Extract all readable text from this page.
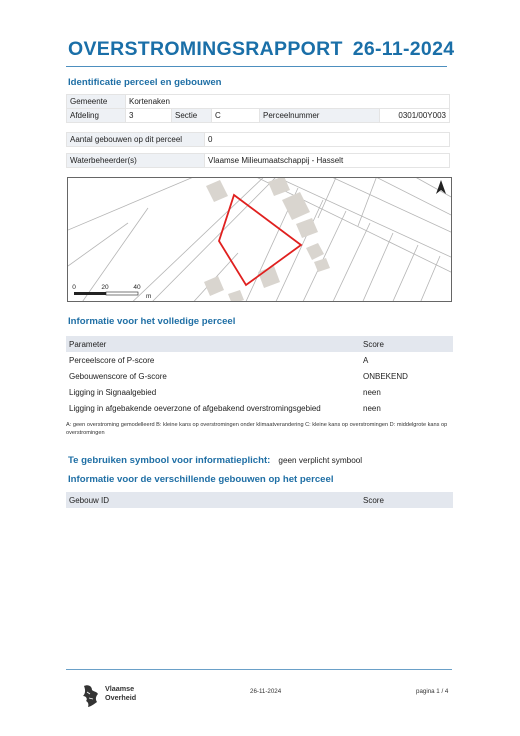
OVERSTROMINGSRAPPORT 26-11-2024
Identificatie perceel en gebouwen
Gemeente	Kortenaken				
Afdeling	3	Sectie	C	Perceelnummer	0301/00Y003
Aantal gebouwen op dit perceel	0
Waterbeheerder(s)	Vlaamse Milieumaatschappij - Hasselt
0	20	40
m
Informatie voor het volledige perceel
Parameter	Score
Perceelscore of P-score	A
Gebouwenscore of G-score	ONBEKEND
Ligging in Signaalgebied	neen
Ligging in afgebakende oeverzone of afgebakend overstromingsgebied	neen
A: geen overstroming gemodelleerd B: kleine kans op overstromingen onder klimaatverandering C: kleine kans op overstromingen D: middelgrote kans op overstromingen
Te gebruiken symbool voor informatieplicht: geen verplicht symbool
Informatie voor de verschillende gebouwen op het perceel
Gebouw ID	Score
Vlaamse
Overheid
26-11-2024	pagina 1 / 4
